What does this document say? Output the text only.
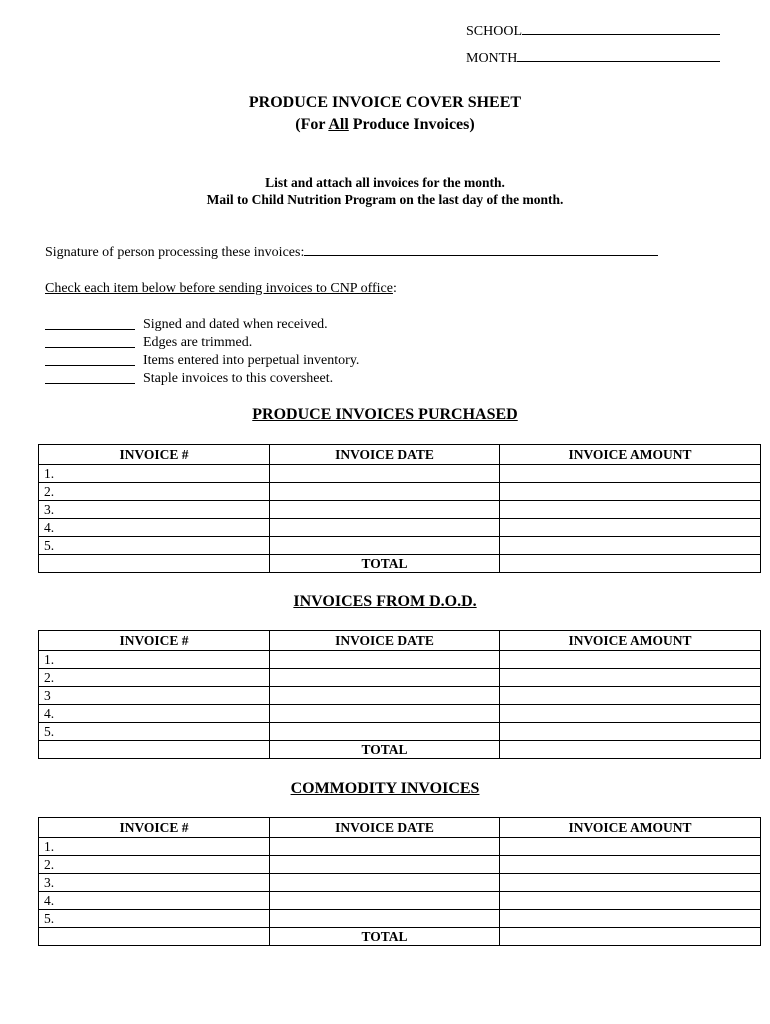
SCHOOL
MONTH
PRODUCE INVOICE COVER SHEET
(For All Produce Invoices)
List and attach all invoices for the month.
Mail to Child Nutrition Program on the last day of the month.
Signature of person processing these invoices:
Check each item below before sending invoices to CNP office:
Signed and dated when received.
Edges are trimmed.
Items entered into perpetual inventory.
Staple invoices to this coversheet.
PRODUCE INVOICES PURCHASED
INVOICE #	INVOICE DATE	INVOICE AMOUNT
1.		
2.		
3.		
4.		
5.		
	TOTAL	
INVOICES FROM D.O.D.
INVOICE #	INVOICE DATE	INVOICE AMOUNT
1.		
2.		
3		
4.		
5.		
	TOTAL	
COMMODITY INVOICES
INVOICE #	INVOICE DATE	INVOICE AMOUNT
1.		
2.		
3.		
4.		
5.		
	TOTAL	
